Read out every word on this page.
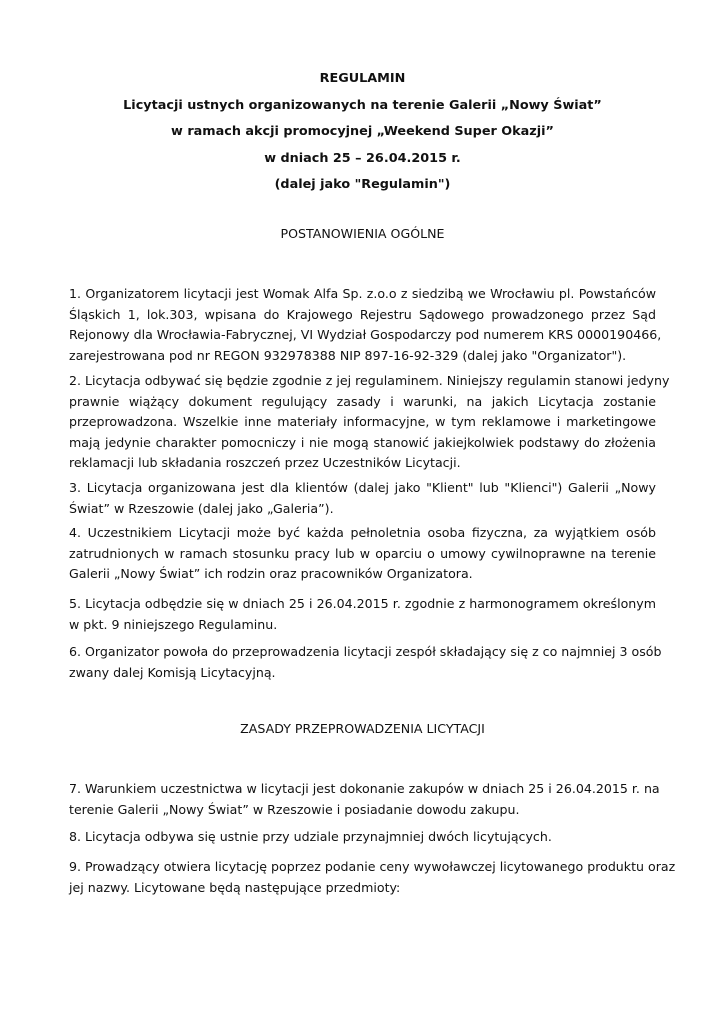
REGULAMIN
Licytacji ustnych organizowanych na terenie Galerii „Nowy Świat”
w ramach akcji promocyjnej „Weekend Super Okazji”
w dniach 25 – 26.04.2015 r.
(dalej jako "Regulamin")
POSTANOWIENIA OGÓLNE
1. Organizatorem licytacji jest Womak Alfa Sp. z.o.o z siedzibą we Wrocławiu pl. Powstańców
Śląskich 1, lok.303, wpisana do Krajowego Rejestru Sądowego prowadzonego przez Sąd
Rejonowy dla Wrocławia-Fabrycznej, VI Wydział Gospodarczy pod numerem KRS 0000190466,
zarejestrowana pod nr REGON 932978388 NIP 897-16-92-329 (dalej jako "Organizator").
2. Licytacja odbywać się będzie zgodnie z jej regulaminem. Niniejszy regulamin stanowi jedyny
prawnie wiążący dokument regulujący zasady i warunki, na jakich Licytacja zostanie
przeprowadzona. Wszelkie inne materiały informacyjne, w tym reklamowe i marketingowe
mają jedynie charakter pomocniczy i nie mogą stanowić jakiejkolwiek podstawy do złożenia
reklamacji lub składania roszczeń przez Uczestników Licytacji.
3. Licytacja organizowana jest dla klientów (dalej jako "Klient" lub "Klienci") Galerii „Nowy
Świat” w Rzeszowie (dalej jako „Galeria”).
4. Uczestnikiem Licytacji może być każda pełnoletnia osoba fizyczna, za wyjątkiem osób
zatrudnionych w ramach stosunku pracy lub w oparciu o umowy cywilnoprawne na terenie
Galerii „Nowy Świat” ich rodzin oraz pracowników Organizatora.
5. Licytacja odbędzie się w dniach 25 i 26.04.2015 r. zgodnie z harmonogramem określonym
w pkt. 9 niniejszego Regulaminu.
6. Organizator powoła do przeprowadzenia licytacji zespół składający się z co najmniej 3 osób
zwany dalej Komisją Licytacyjną.
ZASADY PRZEPROWADZENIA LICYTACJI
7. Warunkiem uczestnictwa w licytacji jest dokonanie zakupów w dniach 25 i 26.04.2015 r. na
terenie Galerii „Nowy Świat” w Rzeszowie i posiadanie dowodu zakupu.
8. Licytacja odbywa się ustnie przy udziale przynajmniej dwóch licytujących.
9. Prowadzący otwiera licytację poprzez podanie ceny wywoławczej licytowanego produktu oraz
jej nazwy. Licytowane będą następujące przedmioty:
